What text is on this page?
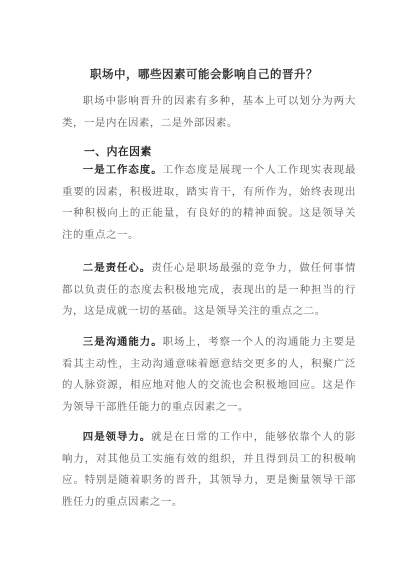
职场中，哪些因素可能会影响自己的晋升？
职场中影响晋升的因素有多种，基本上可以划分为两大类，一是内在因素，二是外部因素。
一、内在因素
一是工作态度。工作态度是展现一个人工作现实表现最重要的因素，积极进取，踏实肯干，有所作为，始终表现出一种积极向上的正能量，有良好的的精神面貌。这是领导关注的重点之一。
二是责任心。责任心是职场最强的竞争力，做任何事情都以负责任的态度去积极地完成，表现出的是一种担当的行为，这是成就一切的基础。这是领导关注的重点之二。
三是沟通能力。职场上，考察一个人的沟通能力主要是看其主动性，主动沟通意味着愿意结交更多的人，积聚广泛的人脉资源，相应地对他人的交流也会积极地回应。这是作为领导干部胜任能力的重点因素之一。
四是领导力。就是在日常的工作中，能够依靠个人的影响力，对其他员工实施有效的组织，并且得到员工的积极响应。特别是随着职务的晋升，其领导力，更是衡量领导干部胜任力的重点因素之一。
